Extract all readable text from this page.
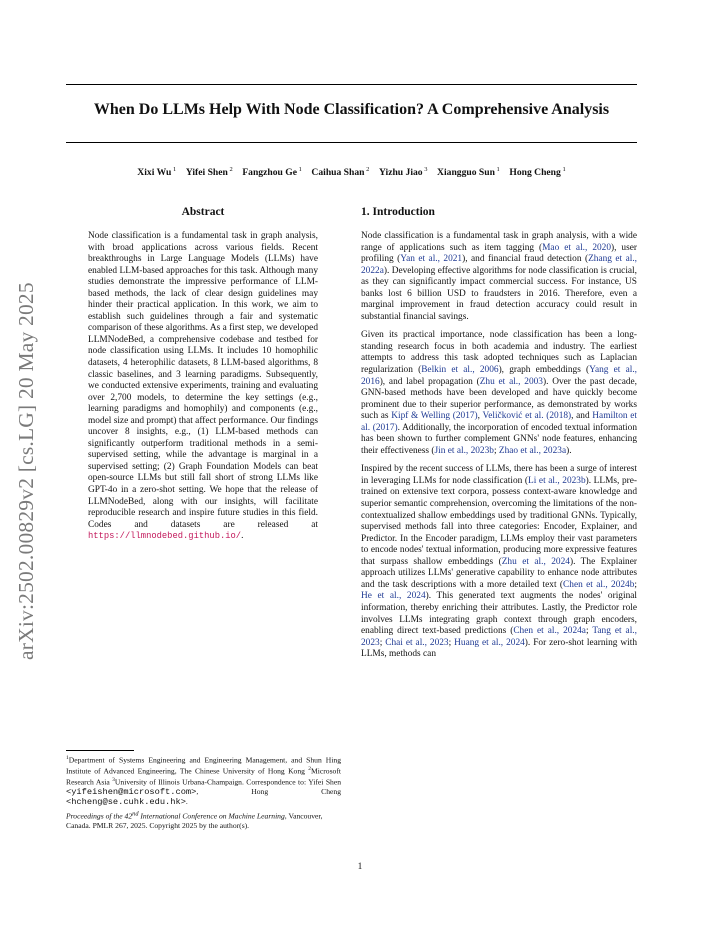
When Do LLMs Help With Node Classification? A Comprehensive Analysis
Xixi Wu $^1$  Yifei Shen $^2$  Fangzhou Ge $^1$  Caihua Shan $^2$  Yizhu Jiao $^3$  Xiangguo Sun $^1$  Hong Cheng $^1$
arXiv:2502.00829v2 [cs.LG] 20 May 2025
Abstract

Node classification is a fundamental task in graph analysis, with broad applications across various fields. Recent breakthroughs in Large Language Models (LLMs) have enabled LLM-based approaches for this task. Although many studies demonstrate the impressive performance of LLM-based methods, the lack of clear design guidelines may hinder their practical application. In this work, we aim to establish such guidelines through a fair and systematic comparison of these algorithms. As a first step, we developed LLMNodeBed, a comprehensive codebase and testbed for node classification using LLMs. It includes 10 homophilic datasets, 4 heterophilic datasets, 8 LLM-based algorithms, 8 classic baselines, and 3 learning paradigms. Subsequently, we conducted extensive experiments, training and evaluating over 2,700 models, to determine the key settings (e.g., learning paradigms and homophily) and components (e.g., model size and prompt) that affect performance. Our findings uncover 8 insights, e.g., (1) LLM-based methods can significantly outperform traditional methods in a semi-supervised setting, while the advantage is marginal in a supervised setting; (2) Graph Foundation Models can beat open-source LLMs but still fall short of strong LLMs like GPT-4o in a zero-shot setting. We hope that the release of LLMNodeBed, along with our insights, will facilitate reproducible research and inspire future studies in this field. Codes and datasets are released at https://llmnodebed.github.io/.

1. Introduction

Node classification is a fundamental task in graph analysis, with a wide range of applications such as item tagging (Mao et al., 2020), user profiling (Yan et al., 2021), and financial fraud detection (Zhang et al., 2022a). Developing effective algorithms for node classification is crucial, as they can significantly impact commercial success. For instance, US banks lost 6 billion USD to fraudsters in 2016. Therefore, even a marginal improvement in fraud detection accuracy could result in substantial financial savings.

Given its practical importance, node classification has been a long-standing research focus in both academia and industry. The earliest attempts to address this task adopted techniques such as Laplacian regularization (Belkin et al., 2006), graph embeddings (Yang et al., 2016), and label propagation (Zhu et al., 2003). Over the past decade, GNN-based methods have been developed and have quickly become prominent due to their superior performance, as demonstrated by works such as Kipf & Welling (2017), Veličković et al. (2018), and Hamilton et al. (2017). Additionally, the incorporation of encoded textual information has been shown to further complement GNNs' node features, enhancing their effectiveness (Jin et al., 2023b; Zhao et al., 2023a).

Inspired by the recent success of LLMs, there has been a surge of interest in leveraging LLMs for node classification (Li et al., 2023b). LLMs, pre-trained on extensive text corpora, possess context-aware knowledge and superior semantic comprehension, overcoming the limitations of the non-contextualized shallow embeddings used by traditional GNNs. Typically, supervised methods fall into three categories: Encoder, Explainer, and Predictor. In the Encoder paradigm, LLMs employ their vast parameters to encode nodes' textual information, producing more expressive features that surpass shallow embeddings (Zhu et al., 2024). The Explainer approach utilizes LLMs' generative capability to enhance node attributes and the task descriptions with a more detailed text (Chen et al., 2024b; He et al., 2024). This generated text augments the nodes' original information, thereby enriching their attributes. Lastly, the Predictor role involves LLMs integrating graph context through graph encoders, enabling direct text-based predictions (Chen et al., 2024a; Tang et al., 2023; Chai et al., 2023; Huang et al., 2024). For zero-shot learning with LLMs, methods can

$^1$Department of Systems Engineering and Engineering Management, and Shun Hing Institute of Advanced Engineering, The Chinese University of Hong Kong $^2$Microsoft Research Asia $^3$University of Illinois Urbana-Champaign. Correspondence to: Yifei Shen <yifeishen@microsoft.com>, Hong Cheng <hcheng@se.cuhk.edu.hk>.
Proceedings of the 42nd International Conference on Machine Learning, Vancouver, Canada. PMLR 267, 2025. Copyright 2025 by the author(s).
1
